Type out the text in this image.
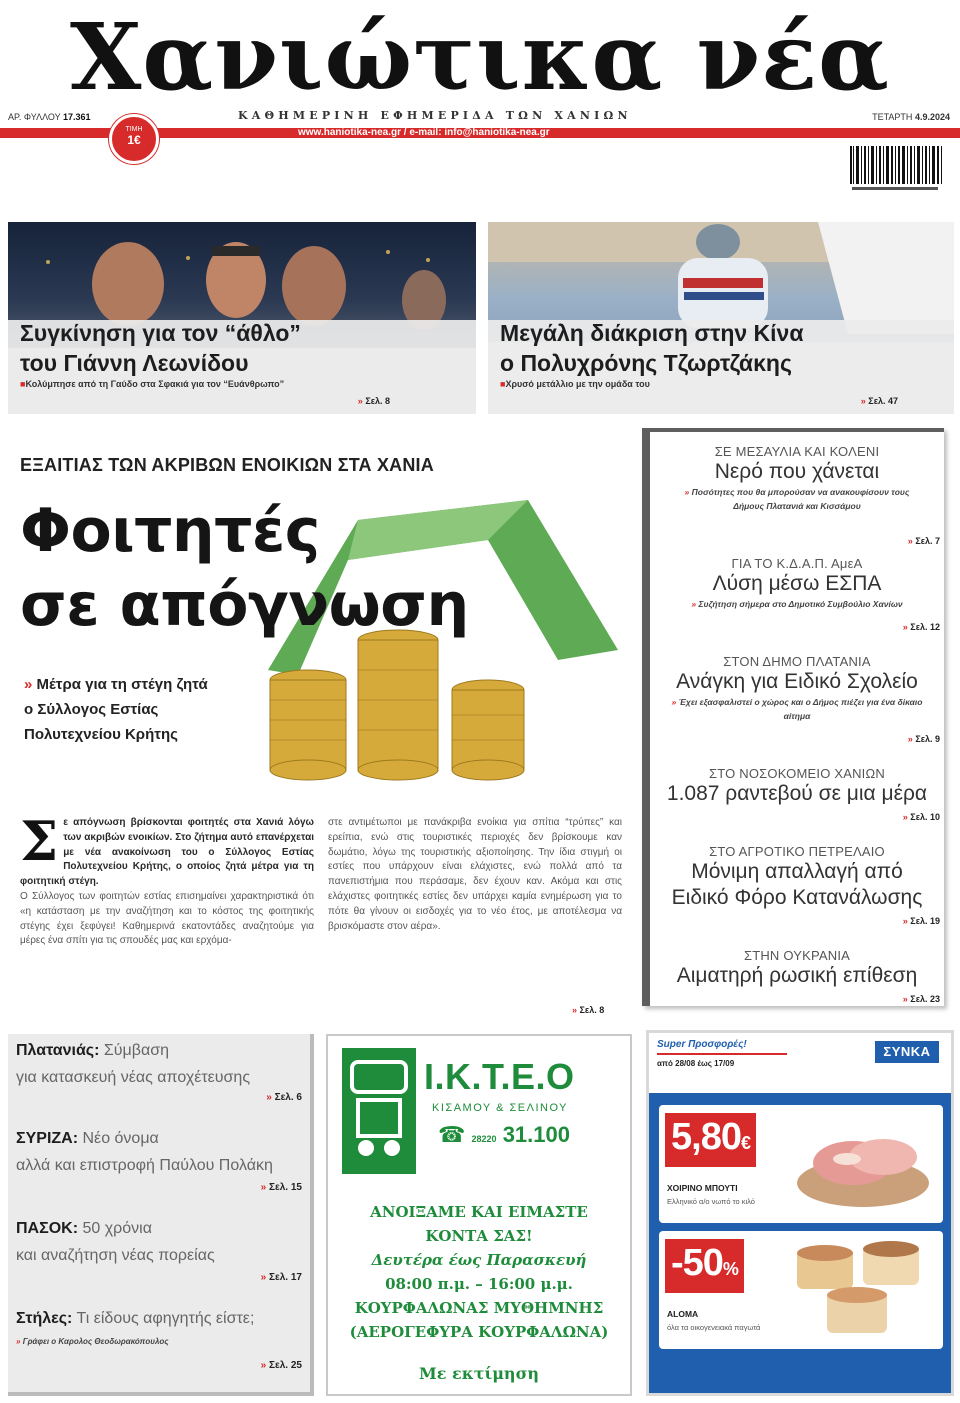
Χανιώτικα νέα
ΑΡ. ΦΥΛΛΟΥ 17.361	ΚΑΘΗΜΕΡΙΝΗ ΕΦΗΜΕΡΙΔΑ ΤΩΝ ΧΑΝΙΩΝ	ΤΕΤΑΡΤΗ 4.9.2024
www.haniotika-nea.gr / e-mail: info@haniotika-nea.gr
ΤΙΜΗ
1€
Συγκίνηση για τον “άθλο”
του Γιάννη Λεωνίδου
■ Κολύμπησε από τη Γαύδο στα Σφακιά για τον “Ευάνθρωπο”
» Σελ. 8
Μεγάλη διάκριση στην Κίνα
ο Πολυχρόνης Τζωρτζάκης
■ Χρυσό μετάλλιο με την ομάδα του
» Σελ. 47
ΕΞΑΙΤΙΑΣ ΤΩΝ ΑΚΡΙΒΩΝ ΕΝΟΙΚΙΩΝ ΣΤΑ ΧΑΝΙΑ
Φοιτητές
σε απόγνωση
» Μέτρα για τη στέγη ζητά
ο Σύλλογος Εστίας
Πολυτεχνείου Κρήτης
Σ ε απόγνωση βρίσκονται φοιτητές στα Χανιά λόγω των ακριβών ενοικίων. Στο ζήτημα αυτό επανέρχεται με νέα ανακοίνωση του ο Σύλλογος Εστίας Πολυτεχνείου Κρήτης, ο οποίος ζητά μέτρα για τη φοιτητική στέγη.

Ο Σύλλογος των φοιτητών εστίας επισημαίνει χαρακτηριστικά ότι «η κατάσταση με την αναζήτηση και το κόστος της φοιτητικής στέγης έχει ξεφύγει! Καθημερινά εκατοντάδες αναζητούμε για μέρες ένα σπίτι για τις σπουδές μας και ερχόμα-

στε αντιμέτωποι με πανάκριβα ενοίκια για σπίτια “τρύπες” και ερείπια, ενώ στις τουριστικές περιοχές δεν βρίσκουμε καν δωμάτιο, λόγω της τουριστικής αξιοποίησης. Την ίδια στιγμή οι εστίες που υπάρχουν είναι ελάχιστες, ενώ πολλά από τα πανεπιστήμια που περάσαμε, δεν έχουν καν. Ακόμα και στις ελάχιστες φοιτητικές εστίες δεν υπάρχει καμία ενημέρωση για το πότε θα γίνουν οι εισδοχές για το νέο έτος, με αποτέλεσμα να βρισκόμαστε στον αέρα».

» Σελ. 8
ΣΕ ΜΕΣΑΥΛΙΑ ΚΑΙ ΚΟΛΕΝΙ
Νερό που χάνεται
» Ποσότητες που θα μπορούσαν να ανακουφίσουν τους Δήμους Πλατανιά και Κισσάμου
» Σελ. 7
ΓΙΑ ΤΟ Κ.Δ.Α.Π. ΑμεΑ
Λύση μέσω ΕΣΠΑ
» Συζήτηση σήμερα στο Δημοτικό Συμβούλιο Χανίων
» Σελ. 12
ΣΤΟΝ ΔΗΜΟ ΠΛΑΤΑΝΙΑ
Ανάγκη για Ειδικό Σχολείο
» Έχει εξασφαλιστεί ο χώρος και ο Δήμος πιέζει για ένα δίκαιο αίτημα
» Σελ. 9
ΣΤΟ ΝΟΣΟΚΟΜΕΙΟ ΧΑΝΙΩΝ
1.087 ραντεβού σε μια μέρα
» Σελ. 10
ΣΤΟ ΑΓΡΟΤΙΚΟ ΠΕΤΡΕΛΑΙΟ
Μόνιμη απαλλαγή από
Ειδικό Φόρο Κατανάλωσης
» Σελ. 19
ΣΤΗΝ ΟΥΚΡΑΝΙΑ
Αιματηρή ρωσική επίθεση
» Σελ. 23
Πλατανιάς: Σύμβαση
για κατασκευή νέας αποχέτευσης
» Σελ. 6
ΣΥΡΙΖΑ: Νέο όνομα
αλλά και επιστροφή Παύλου Πολάκη
» Σελ. 15
ΠΑΣΟΚ: 50 χρόνια
και αναζήτηση νέας πορείας
» Σελ. 17
Στήλες: Τι είδους αφηγητής είστε;
» Γράφει ο Καρολος Θεοδωρακόπουλος
» Σελ. 25
Ι.Κ.Τ.Ε.Ο
ΚΙΣΑΜΟΥ & ΣΕΛΙΝΟΥ
☎ 28220 31.100
ΑΝΟΙΞΑΜΕ ΚΑΙ ΕΙΜΑΣΤΕ
ΚΟΝΤΑ ΣΑΣ!
Δευτέρα έως Παρασκευή
08:00 π.μ. – 16:00 μ.μ.
ΚΟΥΡΦΑΛΩΝΑΣ ΜΥΘΗΜΝΗΣ
(ΑΕΡΟΓΕΦΥΡΑ ΚΟΥΡΦΑΛΩΝΑ)
Με εκτίμηση
Super Προσφορές!
από 28/08 έως 17/09
ΣΥΝΚΑ
5,80€
ΧΟΙΡΙΝΟ ΜΠΟΥΤΙ
Ελληνικό α/ο νωπό το κιλό
-50%
ALOMA
όλα τα οικογενειακά παγωτά
